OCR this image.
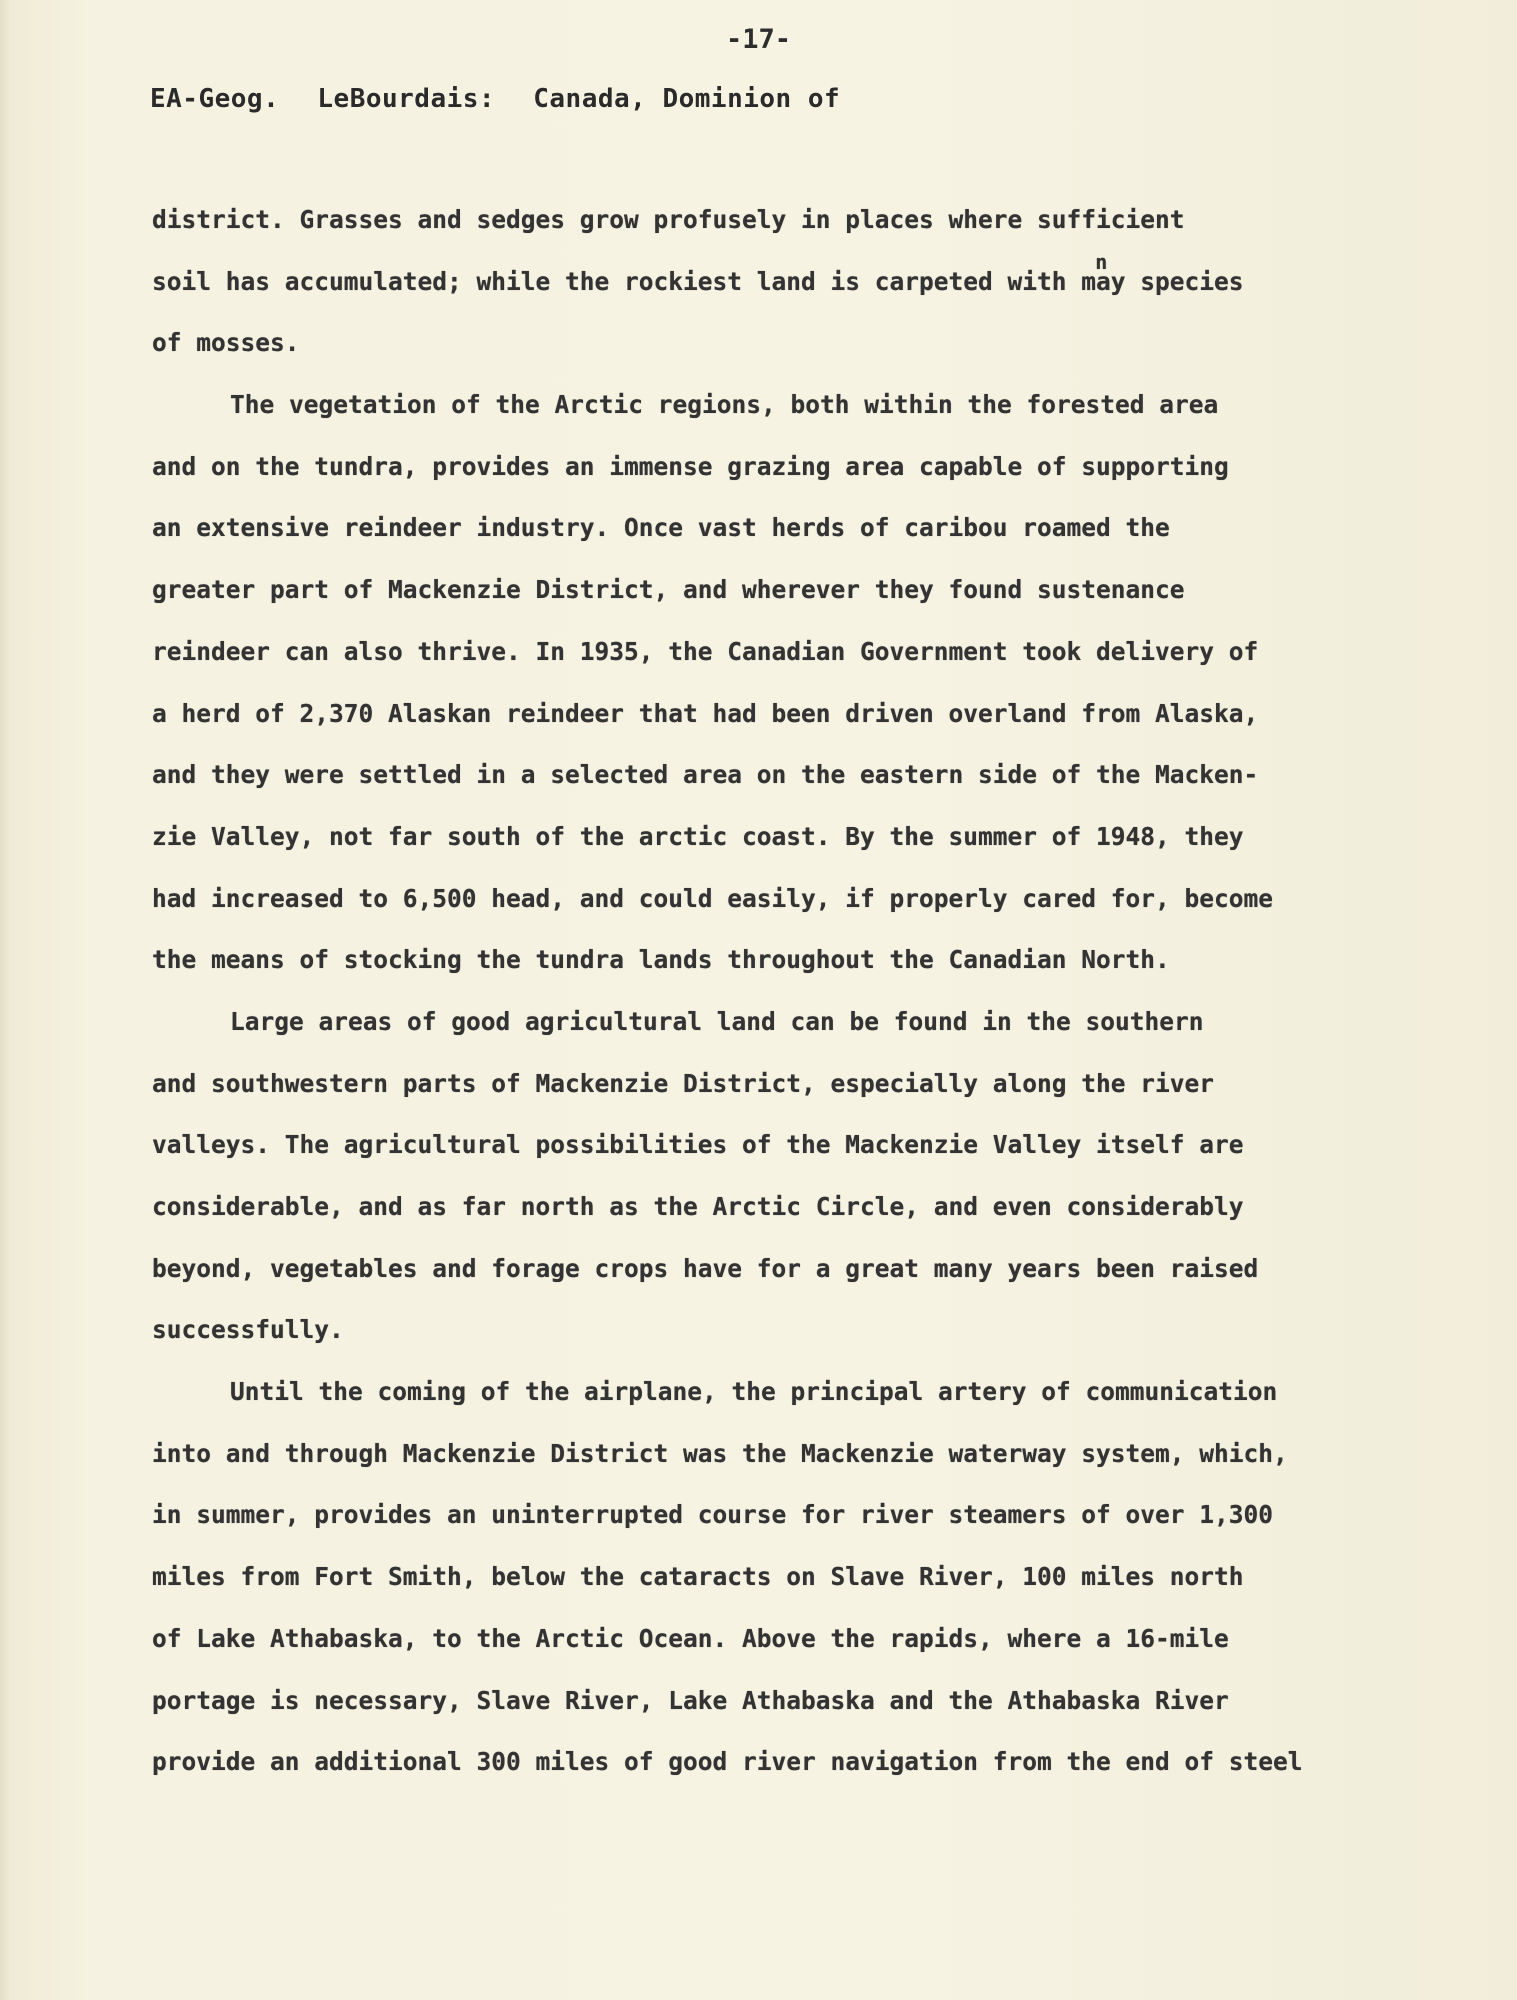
-17-
EA-Geog. LeBourdais: Canada, Dominion of
district. Grasses and sedges grow profusely in places where sufficient
soil has accumulated; while the rockiest land is carpeted with may species
n
of mosses.
The vegetation of the Arctic regions, both within the forested area
and on the tundra, provides an immense grazing area capable of supporting
an extensive reindeer industry. Once vast herds of caribou roamed the
greater part of Mackenzie District, and wherever they found sustenance
reindeer can also thrive. In 1935, the Canadian Government took delivery of
a herd of 2,370 Alaskan reindeer that had been driven overland from Alaska,
and they were settled in a selected area on the eastern side of the Macken-
zie Valley, not far south of the arctic coast. By the summer of 1948, they
had increased to 6,500 head, and could easily, if properly cared for, become
the means of stocking the tundra lands throughout the Canadian North.
Large areas of good agricultural land can be found in the southern
and southwestern parts of Mackenzie District, especially along the river
valleys. The agricultural possibilities of the Mackenzie Valley itself are
considerable, and as far north as the Arctic Circle, and even considerably
beyond, vegetables and forage crops have for a great many years been raised
successfully.
Until the coming of the airplane, the principal artery of communication
into and through Mackenzie District was the Mackenzie waterway system, which,
in summer, provides an uninterrupted course for river steamers of over 1,300
miles from Fort Smith, below the cataracts on Slave River, 100 miles north
of Lake Athabaska, to the Arctic Ocean. Above the rapids, where a 16-mile
portage is necessary, Slave River, Lake Athabaska and the Athabaska River
provide an additional 300 miles of good river navigation from the end of steel
